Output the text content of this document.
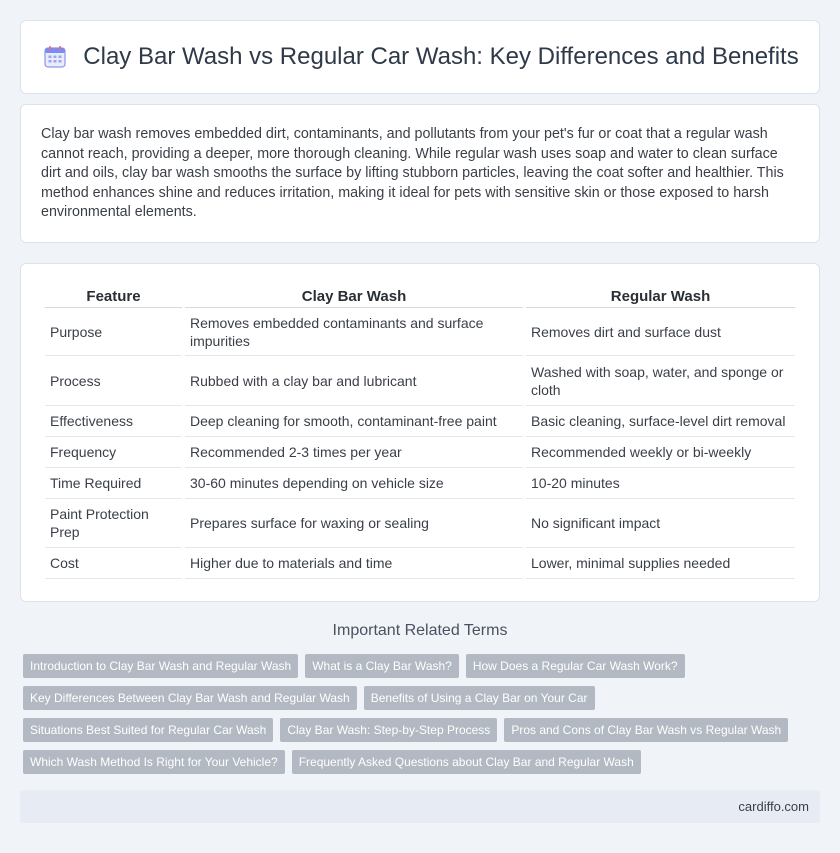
Clay Bar Wash vs Regular Car Wash: Key Differences and Benefits

Clay bar wash removes embedded dirt, contaminants, and pollutants from your pet's fur or coat that a regular wash cannot reach, providing a deeper, more thorough cleaning. While regular wash uses soap and water to clean surface dirt and oils, clay bar wash smooths the surface by lifting stubborn particles, leaving the coat softer and healthier. This method enhances shine and reduces irritation, making it ideal for pets with sensitive skin or those exposed to harsh environmental elements.

Feature	Clay Bar Wash	Regular Wash
Purpose	Removes embedded contaminants and surface impurities	Removes dirt and surface dust
Process	Rubbed with a clay bar and lubricant	Washed with soap, water, and sponge or cloth
Effectiveness	Deep cleaning for smooth, contaminant-free paint	Basic cleaning, surface-level dirt removal
Frequency	Recommended 2-3 times per year	Recommended weekly or bi-weekly
Time Required	30-60 minutes depending on vehicle size	10-20 minutes
Paint Protection Prep	Prepares surface for waxing or sealing	No significant impact
Cost	Higher due to materials and time	Lower, minimal supplies needed
Important Related Terms
Introduction to Clay Bar Wash and Regular Wash	What is a Clay Bar Wash?	How Does a Regular Car Wash Work?
Key Differences Between Clay Bar Wash and Regular Wash	Benefits of Using a Clay Bar on Your Car
Situations Best Suited for Regular Car Wash	Clay Bar Wash: Step-by-Step Process	Pros and Cons of Clay Bar Wash vs Regular Wash
Which Wash Method Is Right for Your Vehicle?	Frequently Asked Questions about Clay Bar and Regular Wash
cardiffo.com
